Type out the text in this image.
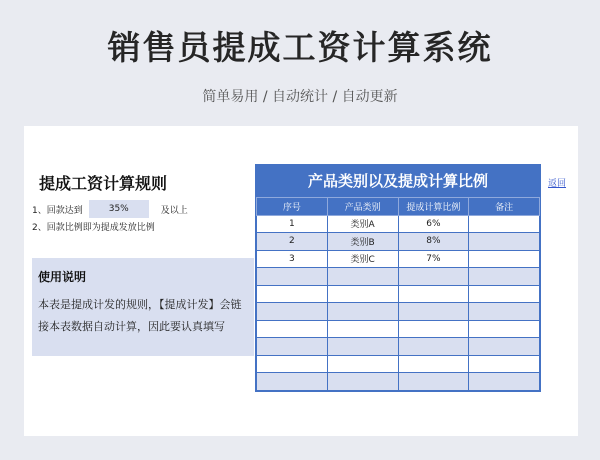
销售员提成工资计算系统
简单易用 / 自动统计 / 自动更新
提成工资计算规则
1、回款达到	35%	及以上
2、回款比例即为提成发放比例
使用说明
本表是提成计发的规则，【提成计发】会链接本表数据自动计算，因此要认真填写
产品类别以及提成计算比例
序号	产品类别	提成计算比例	备注
1	类别A	6%	
2	类别B	8%	
3	类别C	7%	

返回
